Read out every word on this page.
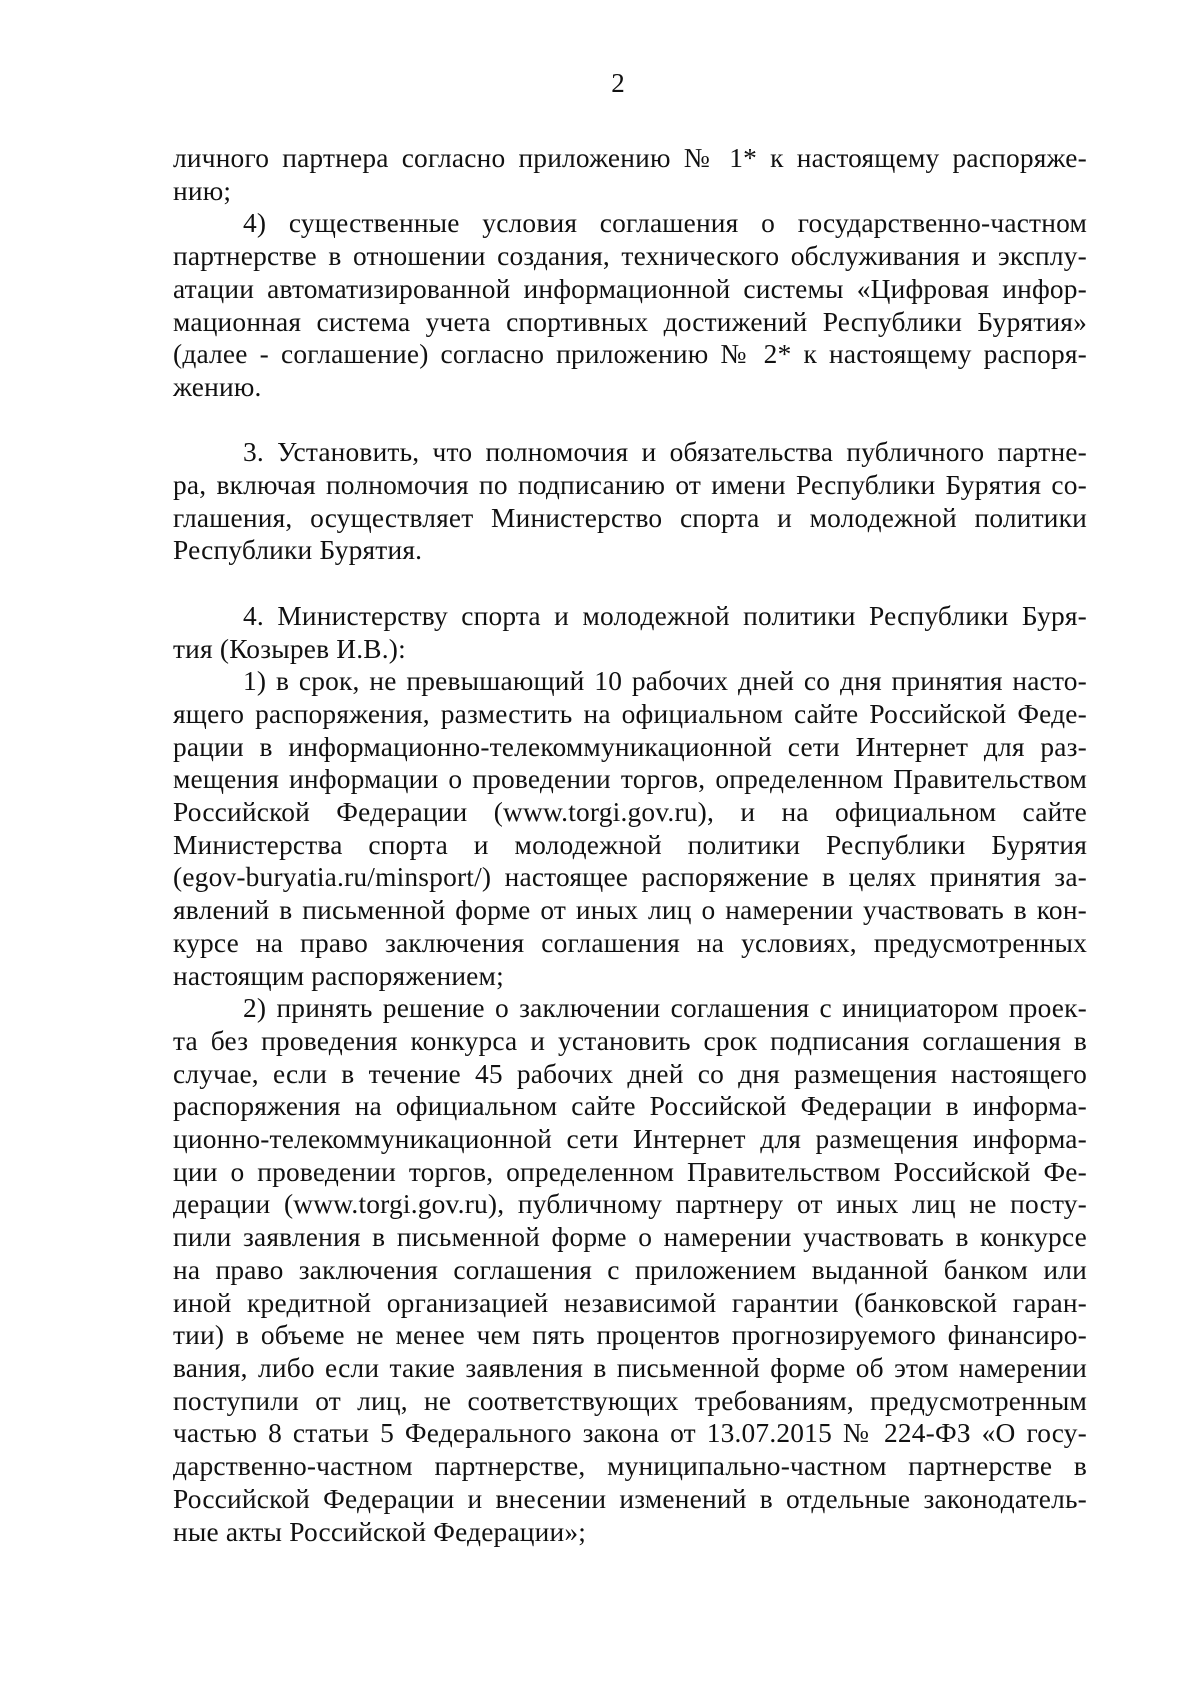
2

личного партнера согласно приложению № 1* к настоящему распоряже-
нию;

4) существенные условия соглашения о государственно-частном
партнерстве в отношении создания, технического обслуживания и эксплу-
атации автоматизированной информационной системы «Цифровая инфор-
мационная система учета спортивных достижений Республики Бурятия»
(далее - соглашение) согласно приложению № 2* к настоящему распоря-
жению.

3. Установить, что полномочия и обязательства публичного партне-
ра, включая полномочия по подписанию от имени Республики Бурятия со-
глашения, осуществляет Министерство спорта и молодежной политики
Республики Бурятия.

4. Министерству спорта и молодежной политики Республики Буря-
тия (Козырев И.В.):

1) в срок, не превышающий 10 рабочих дней со дня принятия насто-
ящего распоряжения, разместить на официальном сайте Российской Феде-
рации в информационно-телекоммуникационной сети Интернет для раз-
мещения информации о проведении торгов, определенном Правительством
Российской Федерации (www.torgi.gov.ru), и на официальном сайте
Министерства спорта и молодежной политики Республики Бурятия
(egov-buryatia.ru/minsport/) настоящее распоряжение в целях принятия за-
явлений в письменной форме от иных лиц о намерении участвовать в кон-
курсе на право заключения соглашения на условиях, предусмотренных
настоящим распоряжением;

2) принять решение о заключении соглашения с инициатором проек-
та без проведения конкурса и установить срок подписания соглашения в
случае, если в течение 45 рабочих дней со дня размещения настоящего
распоряжения на официальном сайте Российской Федерации в информа-
ционно-телекоммуникационной сети Интернет для размещения информа-
ции о проведении торгов, определенном Правительством Российской Фе-
дерации (www.torgi.gov.ru), публичному партнеру от иных лиц не посту-
пили заявления в письменной форме о намерении участвовать в конкурсе
на право заключения соглашения с приложением выданной банком или
иной кредитной организацией независимой гарантии (банковской гаран-
тии) в объеме не менее чем пять процентов прогнозируемого финансиро-
вания, либо если такие заявления в письменной форме об этом намерении
поступили от лиц, не соответствующих требованиям, предусмотренным
частью 8 статьи 5 Федерального закона от 13.07.2015 № 224-ФЗ «О госу-
дарственно-частном партнерстве, муниципально-частном партнерстве в
Российской Федерации и внесении изменений в отдельные законодатель-
ные акты Российской Федерации»;
